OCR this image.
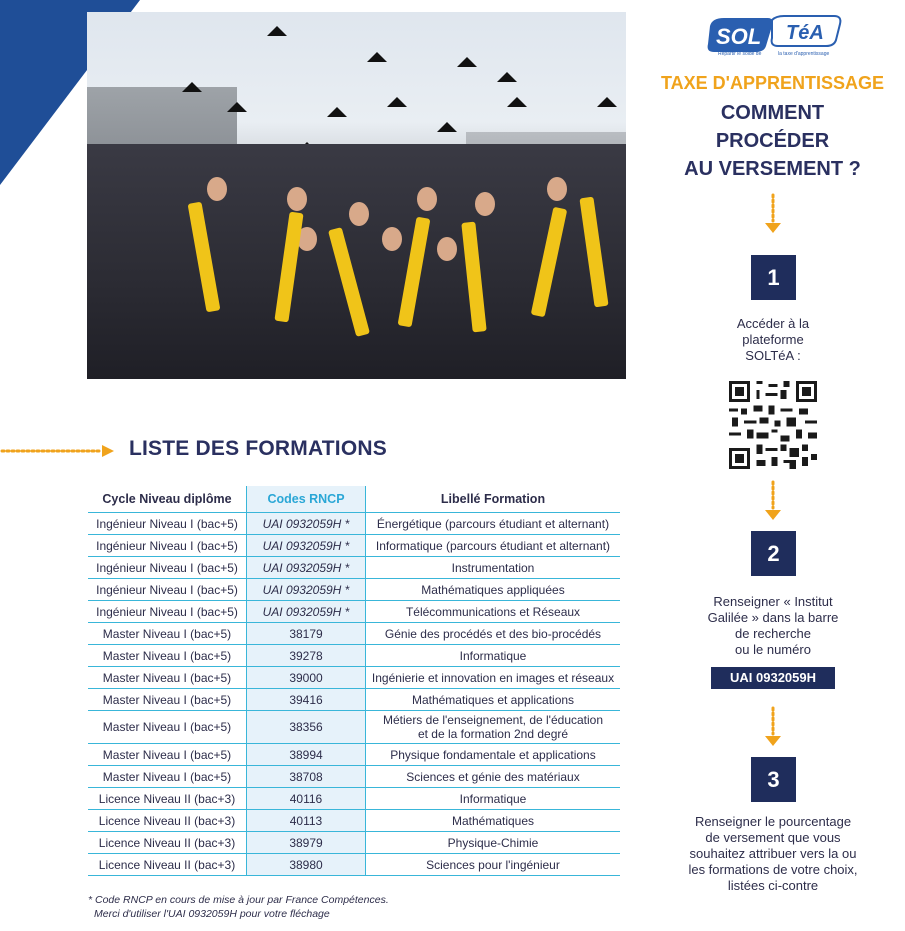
LISTE DES FORMATIONS
Cycle Niveau diplôme	Codes RNCP	Libellé Formation
Ingénieur Niveau I (bac+5)	UAI 0932059H *	Énergétique (parcours étudiant et alternant)
Ingénieur Niveau I (bac+5)	UAI 0932059H *	Informatique (parcours étudiant et alternant)
Ingénieur Niveau I (bac+5)	UAI 0932059H *	Instrumentation
Ingénieur Niveau I (bac+5)	UAI 0932059H *	Mathématiques appliquées
Ingénieur Niveau I (bac+5)	UAI 0932059H *	Télécommunications et Réseaux
Master Niveau I (bac+5)	38179	Génie des procédés et des bio-procédés
Master Niveau I (bac+5)	39278	Informatique
Master Niveau I (bac+5)	39000	Ingénierie et innovation en images et réseaux
Master Niveau I (bac+5)	39416	Mathématiques et applications
Master Niveau I (bac+5)	38356	Métiers de l'enseignement, de l'éducation
et de la formation 2nd degré
Master Niveau I (bac+5)	38994	Physique fondamentale et applications
Master Niveau I (bac+5)	38708	Sciences et génie des matériaux
Licence Niveau II (bac+3)	40116	Informatique
Licence Niveau II (bac+3)	40113	Mathématiques
Licence Niveau II (bac+3)	38979	Physique-Chimie
Licence Niveau II (bac+3)	38980	Sciences pour l'ingénieur
* Code RNCP en cours de mise à jour par France Compétences.
Merci d'utiliser l'UAI 0932059H pour votre fléchage
SOL TéA
Répartir le solde de	la taxe d'apprentissage
TAXE D'APPRENTISSAGE
COMMENT
PROCÉDER
AU VERSEMENT ?
1
Accéder à la
plateforme
SOLTéA :
2
Renseigner « Institut
Galilée » dans la barre
de recherche
ou le numéro
UAI 0932059H
3
Renseigner le pourcentage
de versement que vous
souhaitez attribuer vers la ou
les formations de votre choix,
listées ci-contre
